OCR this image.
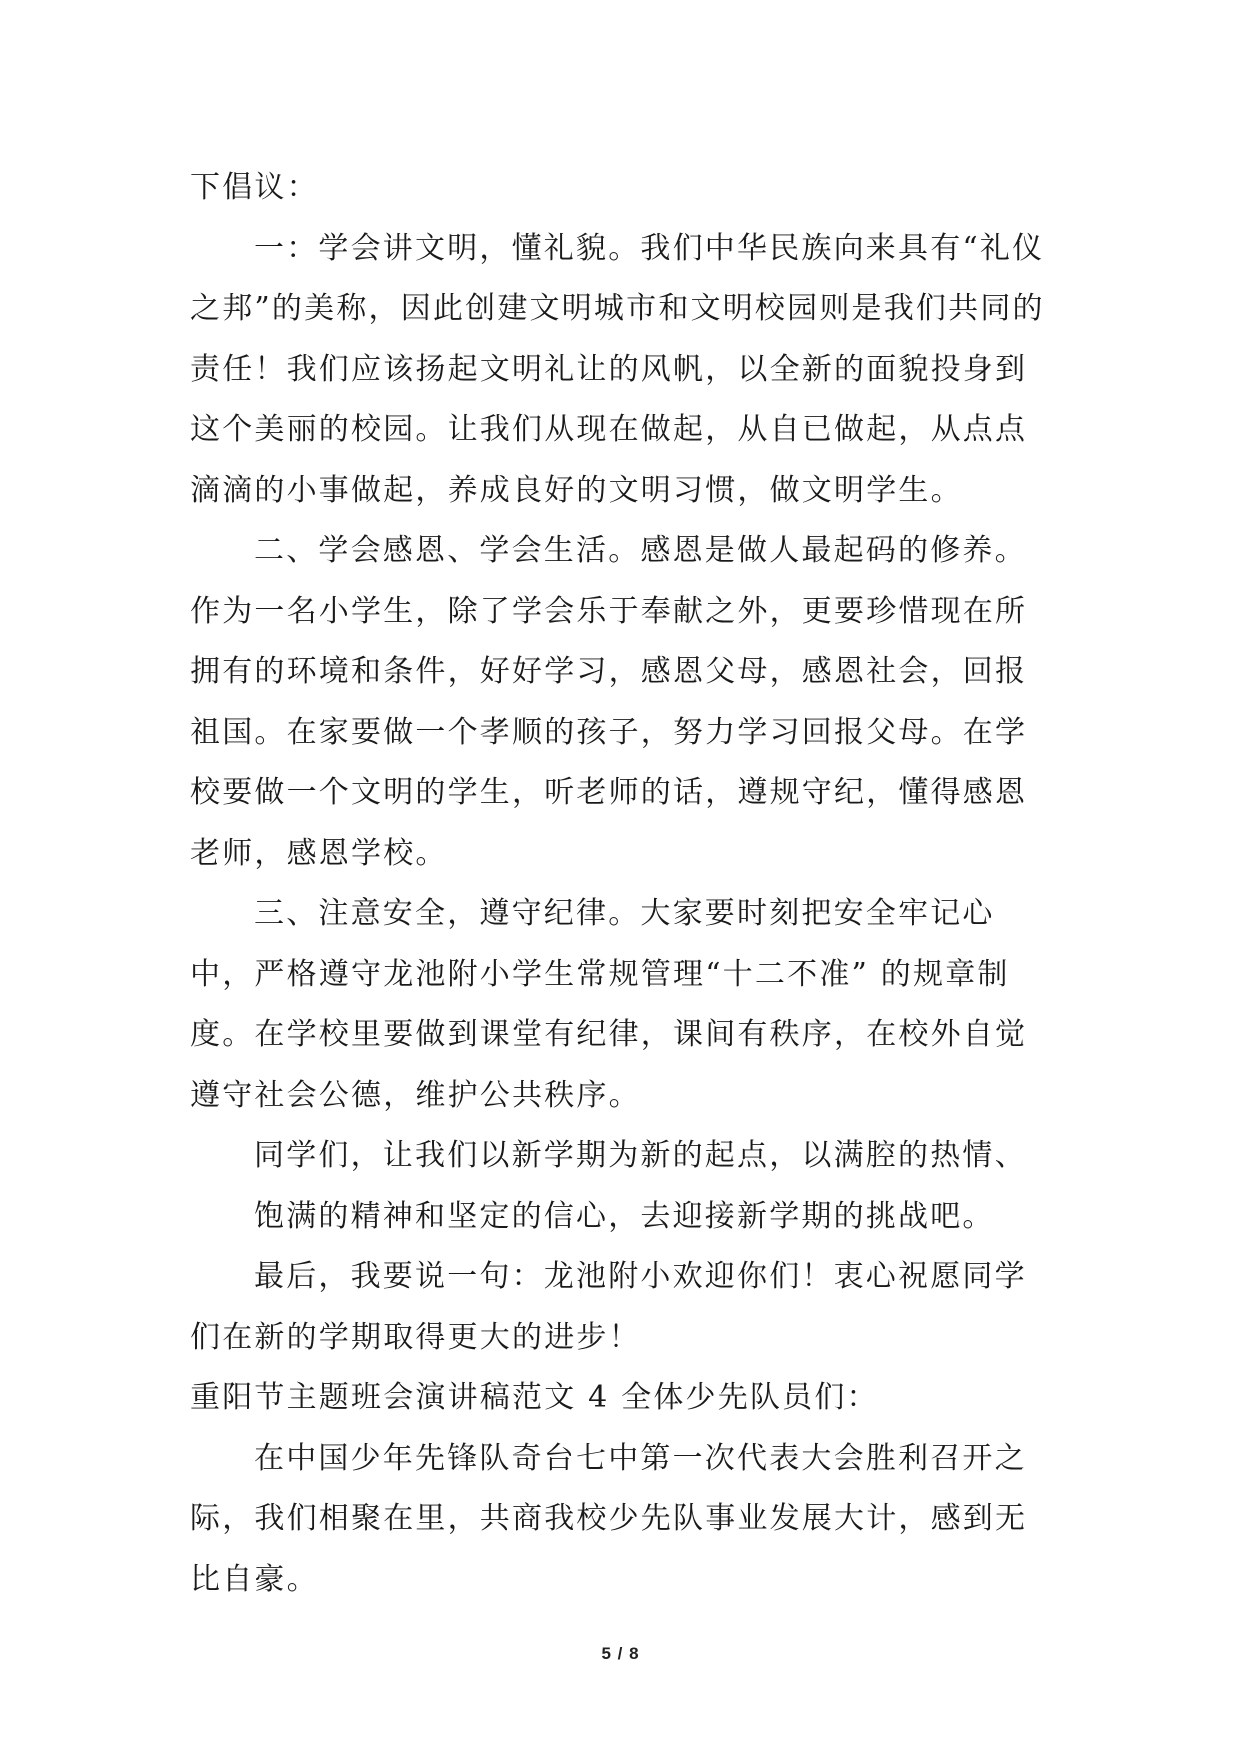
下倡议：

一：学会讲文明，懂礼貌。我们中华民族向来具有“礼仪之邦”的美称，因此创建文明城市和文明校园则是我们共同的责任！我们应该扬起文明礼让的风帆，以全新的面貌投身到这个美丽的校园。让我们从现在做起，从自已做起，从点点滴滴的小事做起，养成良好的文明习惯，做文明学生。

二、学会感恩、学会生活。感恩是做人最起码的修养。作为一名小学生，除了学会乐于奉献之外，更要珍惜现在所拥有的环境和条件，好好学习，感恩父母，感恩社会，回报祖国。在家要做一个孝顺的孩子，努力学习回报父母。在学校要做一个文明的学生，听老师的话，遵规守纪，懂得感恩老师，感恩学校。

三、注意安全，遵守纪律。大家要时刻把安全牢记心中，严格遵守龙池附小学生常规管理“十二不准” 的规章制度。在学校里要做到课堂有纪律，课间有秩序，在校外自觉遵守社会公德，维护公共秩序。

同学们，让我们以新学期为新的起点，以满腔的热情、

饱满的精神和坚定的信心，去迎接新学期的挑战吧。

最后，我要说一句：龙池附小欢迎你们！衷心祝愿同学们在新的学期取得更大的进步！

重阳节主题班会演讲稿范文 4 全体少先队员们：

在中国少年先锋队奇台七中第一次代表大会胜利召开之际，我们相聚在里，共商我校少先队事业发展大计，感到无比自豪。

5 / 8
